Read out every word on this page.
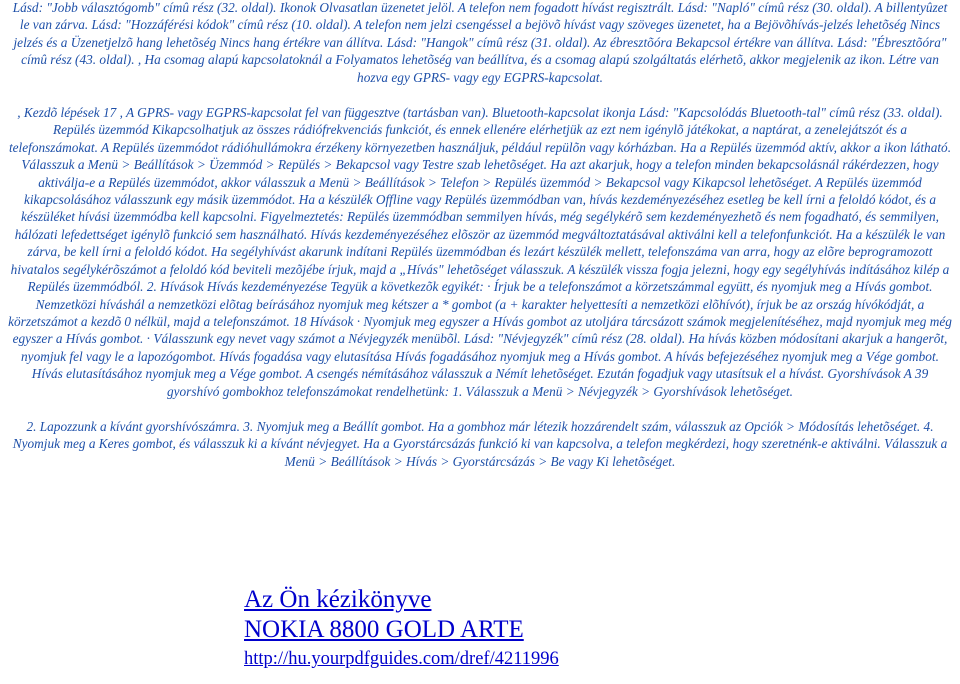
Lásd: "Jobb választógomb" címû rész (32. oldal). Ikonok Olvasatlan üzenetet jelöl. A telefon nem fogadott hívást regisztrált. Lásd: "Napló" címû rész (30. oldal). A billentyûzet le van zárva. Lásd: "Hozzáférési kódok" címû rész (10. oldal). A telefon nem jelzi csengéssel a bejövõ hívást vagy szöveges üzenetet, ha a Bejövõhívás-jelzés lehetõség Nincs jelzés és a Üzenetjelzõ hang lehetõség Nincs hang értékre van állítva. Lásd: "Hangok" címû rész (31. oldal). Az ébresztõóra Bekapcsol értékre van állítva. Lásd: "Ébresztõóra" címû rész (43. oldal). , Ha csomag alapú kapcsolatoknál a Folyamatos lehetõség van beállítva, és a csomag alapú szolgáltatás elérhetõ, akkor megjelenik az ikon. Létre van hozva egy GPRS- vagy egy EGPRS-kapcsolat.

, Kezdõ lépések 17 , A GPRS- vagy EGPRS-kapcsolat fel van függesztve (tartásban van). Bluetooth-kapcsolat ikonja Lásd: "Kapcsolódás Bluetooth-tal" címû rész (33. oldal). Repülés üzemmód Kikapcsolhatjuk az összes rádiófrekvenciás funkciót, és ennek ellenére elérhetjük az ezt nem igénylõ játékokat, a naptárat, a zenelejátszót és a telefonszámokat. A Repülés üzemmódot rádióhullámokra érzékeny környezetben használjuk, például repülõn vagy kórházban. Ha a Repülés üzemmód aktív, akkor a ikon látható. Válasszuk a Menü > Beállítások > Üzemmód > Repülés > Bekapcsol vagy Testre szab lehetõséget. Ha azt akarjuk, hogy a telefon minden bekapcsolásnál rákérdezzen, hogy aktiválja-e a Repülés üzemmódot, akkor válasszuk a Menü > Beállítások > Telefon > Repülés üzemmód > Bekapcsol vagy Kikapcsol lehetõséget. A Repülés üzemmód kikapcsolásához válasszunk egy másik üzemmódot. Ha a készülék Offline vagy Repülés üzemmódban van, hívás kezdeményezéséhez esetleg be kell írni a feloldó kódot, és a készüléket hívási üzemmódba kell kapcsolni. Figyelmeztetés: Repülés üzemmódban semmilyen hívás, még segélykérõ sem kezdeményezhetõ és nem fogadható, és semmilyen, hálózati lefedettséget igénylõ funkció sem használható. Hívás kezdeményezéséhez elõször az üzemmód megváltoztatásával aktiválni kell a telefonfunkciót. Ha a készülék le van zárva, be kell írni a feloldó kódot. Ha segélyhívást akarunk indítani Repülés üzemmódban és lezárt készülék mellett, telefonszáma van arra, hogy az elõre beprogramozott hivatalos segélykérõszámot a feloldó kód beviteli mezõjébe írjuk, majd a „Hívás" lehetõséget válasszuk. A készülék vissza fogja jelezni, hogy egy segélyhívás indításához kilép a Repülés üzemmódból. 2. Hívások Hívás kezdeményezése Tegyük a következõk egyikét: · Írjuk be a telefonszámot a körzetszámmal együtt, és nyomjuk meg a Hívás gombot. Nemzetközi híváshál a nemzetközi elõtag beírásához nyomjuk meg kétszer a * gombot (a + karakter helyettesíti a nemzetközi elõhívót), írjuk be az ország hívókódját, a körzetszámot a kezdõ 0 nélkül, majd a telefonszámot. 18 Hívások · Nyomjuk meg egyszer a Hívás gombot az utoljára tárcsázott számok megjelenítéséhez, majd nyomjuk meg még egyszer a Hívás gombot. · Válasszunk egy nevet vagy számot a Névjegyzék menübõl. Lásd: "Névjegyzék" címû rész (28. oldal). Ha hívás közben módosítani akarjuk a hangerõt, nyomjuk fel vagy le a lapozógombot. Hívás fogadása vagy elutasítása Hívás fogadásához nyomjuk meg a Hívás gombot. A hívás befejezéséhez nyomjuk meg a Vége gombot. Hívás elutasításához nyomjuk meg a Vége gombot. A csengés némításához válasszuk a Némít lehetõséget. Ezután fogadjuk vagy utasítsuk el a hívást. Gyorshívások A 39 gyorshívó gombokhoz telefonszámokat rendelhetünk: 1. Válasszuk a Menü > Névjegyzék > Gyorshívások lehetõséget.

2. Lapozzunk a kívánt gyorshívószámra. 3. Nyomjuk meg a Beállít gombot. Ha a gombhoz már létezik hozzárendelt szám, válasszuk az Opciók > Módosítás lehetõséget. 4. Nyomjuk meg a Keres gombot, és válasszuk ki a kívánt névjegyet. Ha a Gyorstárcsázás funkció ki van kapcsolva, a telefon megkérdezi, hogy szeretnénk-e aktiválni. Válasszuk a Menü > Beállítások > Hívás > Gyorstárcsázás > Be vagy Ki lehetõséget.

Az Ön kézikönyve
NOKIA 8800 GOLD ARTE
http://hu.yourpdfguides.com/dref/4211996
